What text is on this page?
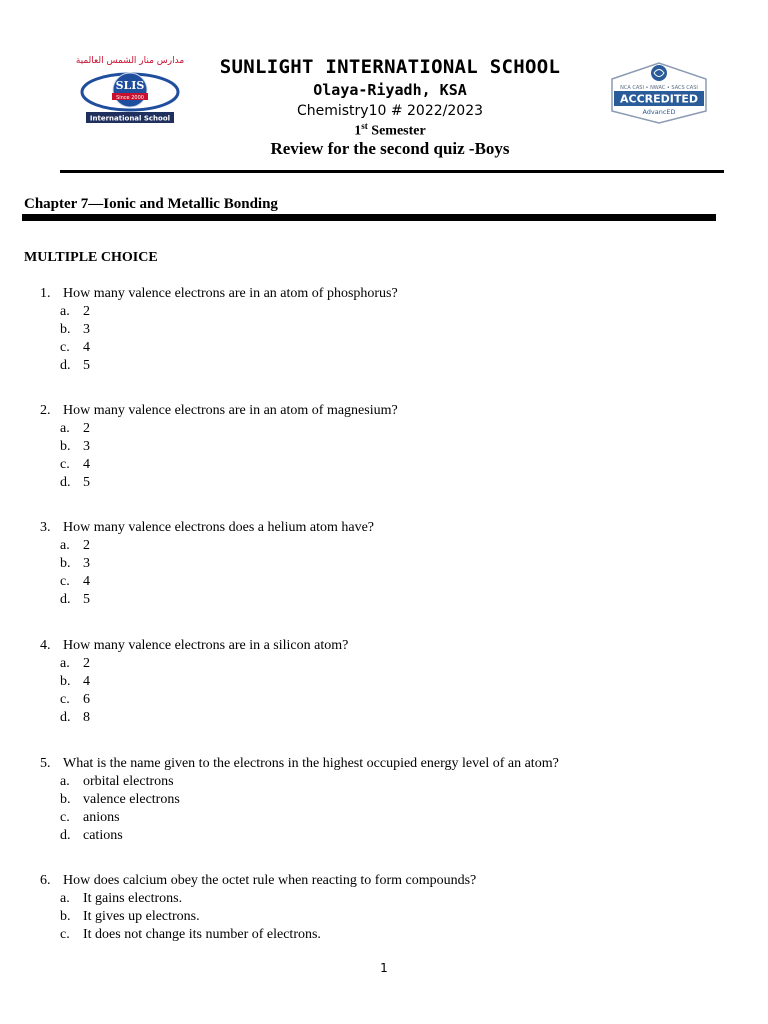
مدارس منار الشمس العالمية
SLIS
Since 2000
International School
SUNLIGHT INTERNATIONAL SCHOOL
Olaya-Riyadh, KSA
Chemistry10 # 2022/2023
1st Semester
Review for the second quiz -Boys
NCA CASI • NWAC • SACS CASI
ACCREDITED
AdvancED
Chapter 7—Ionic and Metallic Bonding
MULTIPLE CHOICE
1. How many valence electrons are in an atom of phosphorus?
a. 2
b. 3
c. 4
d. 5
2. How many valence electrons are in an atom of magnesium?
a. 2
b. 3
c. 4
d. 5
3. How many valence electrons does a helium atom have?
a. 2
b. 3
c. 4
d. 5
4. How many valence electrons are in a silicon atom?
a. 2
b. 4
c. 6
d. 8
5. What is the name given to the electrons in the highest occupied energy level of an atom?
a. orbital electrons
b. valence electrons
c. anions
d. cations
6. How does calcium obey the octet rule when reacting to form compounds?
a. It gains electrons.
b. It gives up electrons.
c. It does not change its number of electrons.
1
